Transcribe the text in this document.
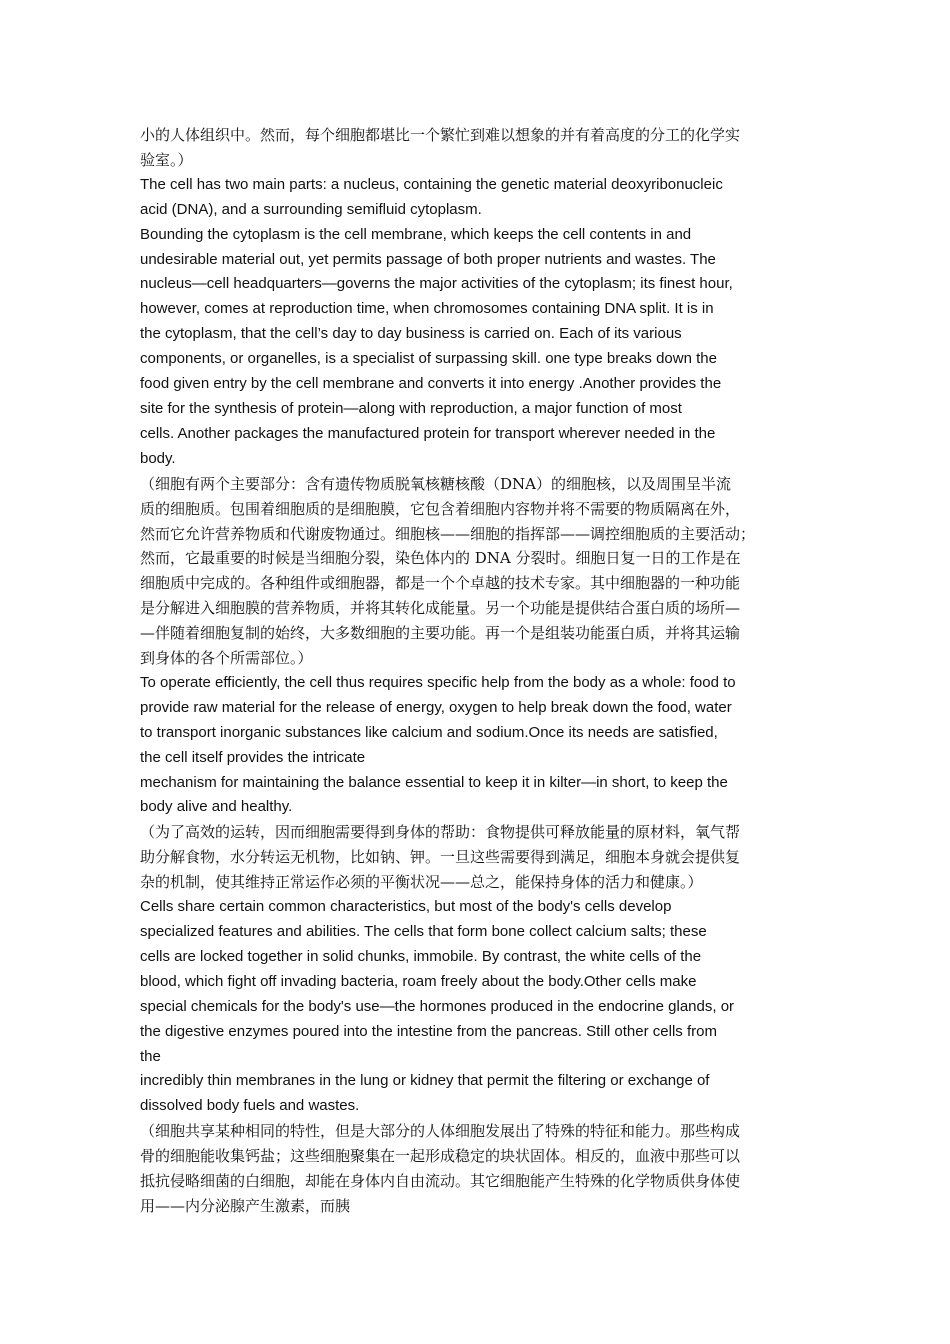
小的人体组织中。然而，每个细胞都堪比一个繁忙到难以想象的并有着高度的分工的化学实
验室。）

The cell has two main parts: a nucleus, containing the genetic material deoxyribonucleic
acid (DNA), and a surrounding semifluid cytoplasm.

Bounding the cytoplasm is the cell membrane, which keeps the cell contents in and
undesirable material out, yet permits passage of both proper nutrients and wastes. The
nucleus—cell headquarters—governs the major activities of the cytoplasm; its finest hour,
however, comes at reproduction time, when chromosomes containing DNA split. It is in
the cytoplasm, that the cell’s day to day business is carried on. Each of its various
components, or organelles, is a specialist of surpassing skill. one type breaks down the
food given entry by the cell membrane and converts it into energy .Another provides the
site for the synthesis of protein—along with reproduction, a major function of most
cells. Another packages the manufactured protein for transport wherever needed in the
body.

（细胞有两个主要部分：含有遗传物质脱氧核糖核酸（DNA）的细胞核，以及周围呈半流
质的细胞质。包围着细胞质的是细胞膜，它包含着细胞内容物并将不需要的物质隔离在外，
然而它允许营养物质和代谢废物通过。细胞核——细胞的指挥部——调控细胞质的主要活动；
然而，它最重要的时候是当细胞分裂，染色体内的 DNA 分裂时。细胞日复一日的工作是在
细胞质中完成的。各种组件或细胞器，都是一个个卓越的技术专家。其中细胞器的一种功能
是分解进入细胞膜的营养物质，并将其转化成能量。另一个功能是提供结合蛋白质的场所—
—伴随着细胞复制的始终，大多数细胞的主要功能。再一个是组装功能蛋白质，并将其运输
到身体的各个所需部位。）

To operate efficiently, the cell thus requires specific help from the body as a whole: food to
provide raw material for the release of energy, oxygen to help break down the food, water
to transport inorganic substances like calcium and sodium.Once its needs are satisfied,
the cell itself provides the intricate
mechanism for maintaining the balance essential to keep it in kilter—in short, to keep the
body alive and healthy.

（为了高效的运转，因而细胞需要得到身体的帮助：食物提供可释放能量的原材料，氧气帮
助分解食物，水分转运无机物，比如钠、钾。一旦这些需要得到满足，细胞本身就会提供复
杂的机制，使其维持正常运作必须的平衡状况——总之，能保持身体的活力和健康。）

Cells share certain common characteristics, but most of the body's cells develop
specialized features and abilities. The cells that form bone collect calcium salts; these
cells are locked together in solid chunks, immobile. By contrast, the white cells of the
blood, which fight off invading bacteria, roam freely about the body.Other cells make
special chemicals for the body's use—the hormones produced in the endocrine glands, or
the digestive enzymes poured into the intestine from the pancreas. Still other cells from
the
incredibly thin membranes in the lung or kidney that permit the filtering or exchange of
dissolved body fuels and wastes.

（细胞共享某种相同的特性，但是大部分的人体细胞发展出了特殊的特征和能力。那些构成
骨的细胞能收集钙盐；这些细胞聚集在一起形成稳定的块状固体。相反的，血液中那些可以
抵抗侵略细菌的白细胞，却能在身体内自由流动。其它细胞能产生特殊的化学物质供身体使
用——内分泌腺产生激素，而胰
